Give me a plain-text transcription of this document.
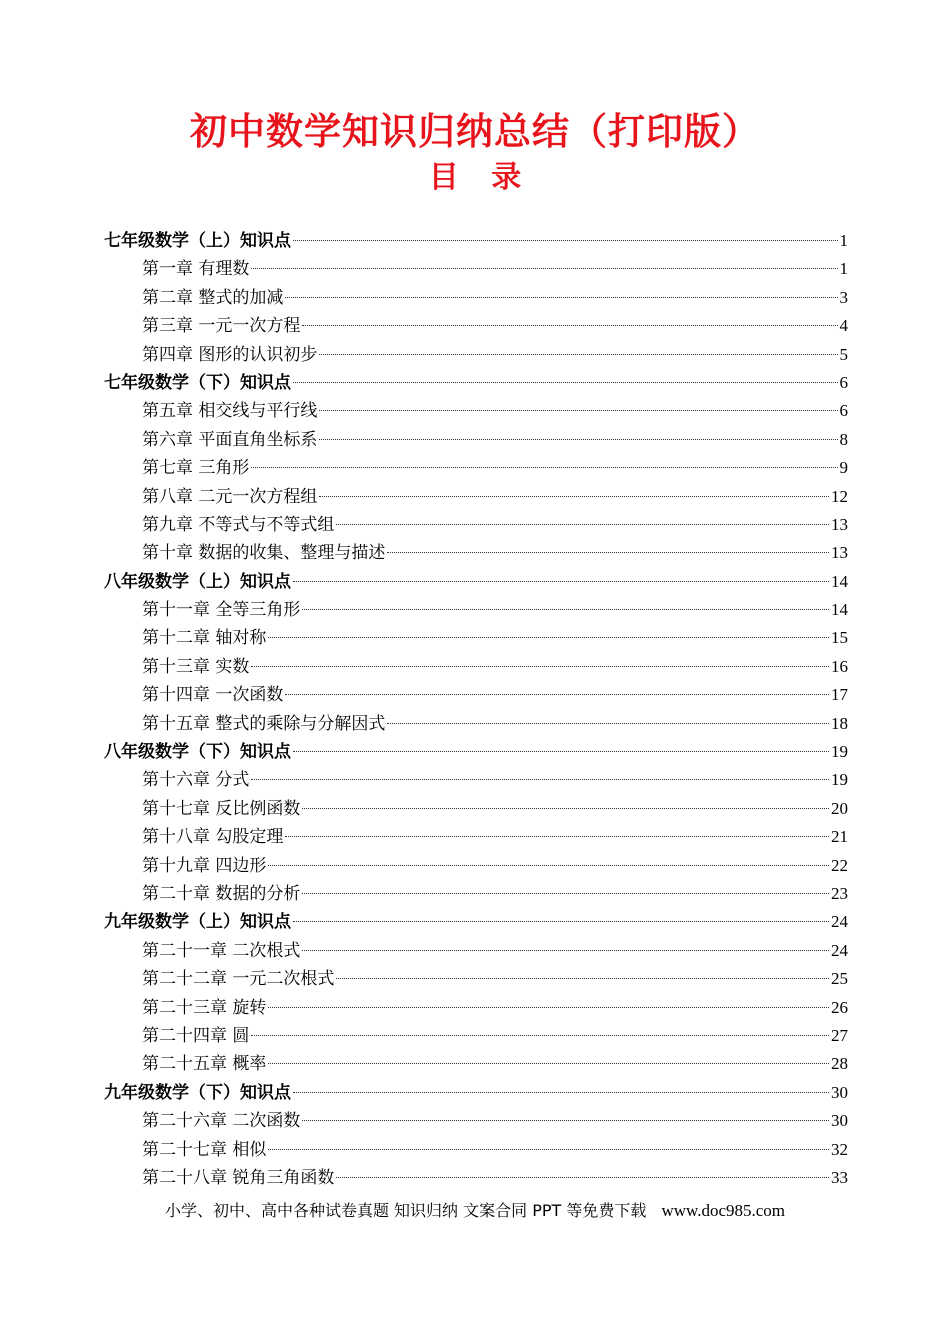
初中数学知识归纳总结（打印版）
目 录
七年级数学（上）知识点	1
第一章 有理数	1
第二章 整式的加减	3
第三章 一元一次方程	4
第四章 图形的认识初步	5
七年级数学（下）知识点	6
第五章 相交线与平行线	6
第六章 平面直角坐标系	8
第七章 三角形	9
第八章 二元一次方程组	12
第九章 不等式与不等式组	13
第十章 数据的收集、整理与描述	13
八年级数学（上）知识点	14
第十一章 全等三角形	14
第十二章 轴对称	15
第十三章 实数	16
第十四章 一次函数	17
第十五章 整式的乘除与分解因式	18
八年级数学（下）知识点	19
第十六章 分式	19
第十七章 反比例函数	20
第十八章 勾股定理	21
第十九章 四边形	22
第二十章 数据的分析	23
九年级数学（上）知识点	24
第二十一章 二次根式	24
第二十二章 一元二次根式	25
第二十三章 旋转	26
第二十四章 圆	27
第二十五章 概率	28
九年级数学（下）知识点	30
第二十六章 二次函数	30
第二十七章 相似	32
第二十八章 锐角三角函数	33
小学、初中、高中各种试卷真题 知识归纳 文案合同 PPT 等免费下载 www.doc985.com
